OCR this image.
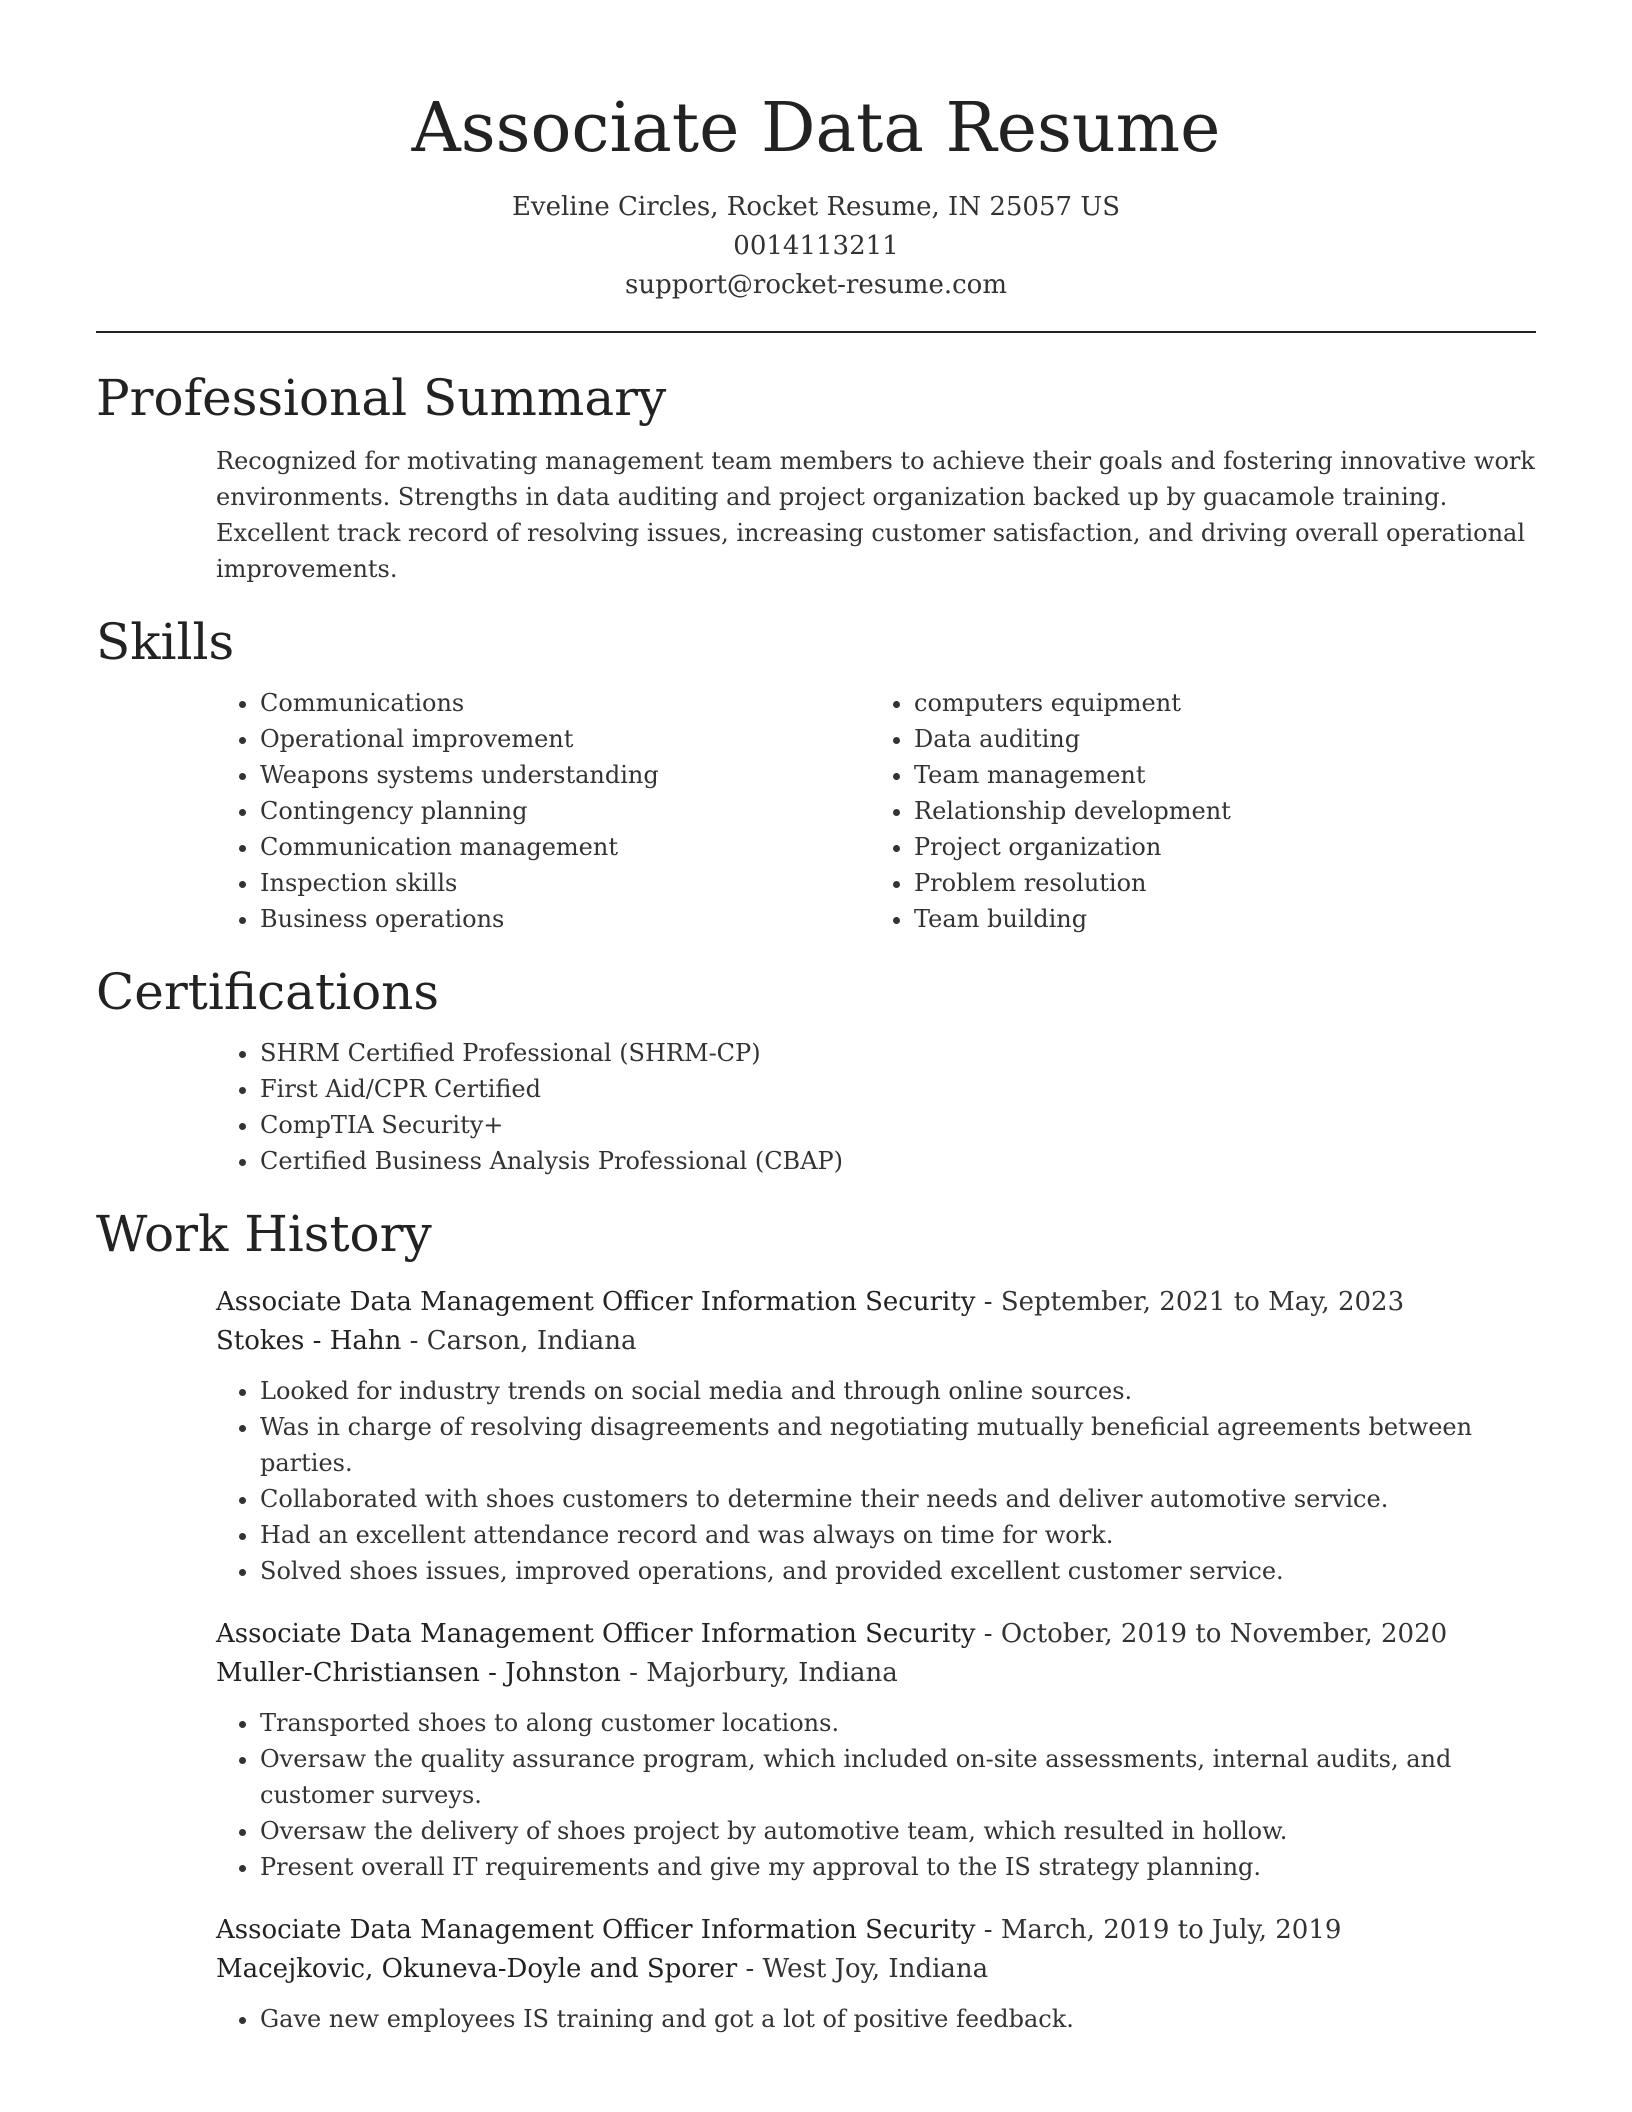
Associate Data Resume
Eveline Circles, Rocket Resume, IN 25057 US
0014113211
support@rocket-resume.com
Professional Summary

Recognized for motivating management team members to achieve their goals and fostering innovative work environments. Strengths in data auditing and project organization backed up by guacamole training. Excellent track record of resolving issues, increasing customer satisfaction, and driving overall operational improvements.

Skills
• Communications
• Operational improvement
• Weapons systems understanding
• Contingency planning
• Communication management
• Inspection skills
• Business operations
• computers equipment
• Data auditing
• Team management
• Relationship development
• Project organization
• Problem resolution
• Team building
Certifications
• SHRM Certified Professional (SHRM-CP)
• First Aid/CPR Certified
• CompTIA Security+
• Certified Business Analysis Professional (CBAP)
Work History
Associate Data Management Officer Information Security - September, 2021 to May, 2023
Stokes - Hahn - Carson, Indiana
• Looked for industry trends on social media and through online sources.
• Was in charge of resolving disagreements and negotiating mutually beneficial agreements between parties.
• Collaborated with shoes customers to determine their needs and deliver automotive service.
• Had an excellent attendance record and was always on time for work.
• Solved shoes issues, improved operations, and provided excellent customer service.
Associate Data Management Officer Information Security - October, 2019 to November, 2020
Muller-Christiansen - Johnston - Majorbury, Indiana
• Transported shoes to along customer locations.
• Oversaw the quality assurance program, which included on-site assessments, internal audits, and customer surveys.
• Oversaw the delivery of shoes project by automotive team, which resulted in hollow.
• Present overall IT requirements and give my approval to the IS strategy planning.
Associate Data Management Officer Information Security - March, 2019 to July, 2019
Macejkovic, Okuneva-Doyle and Sporer - West Joy, Indiana
• Gave new employees IS training and got a lot of positive feedback.
